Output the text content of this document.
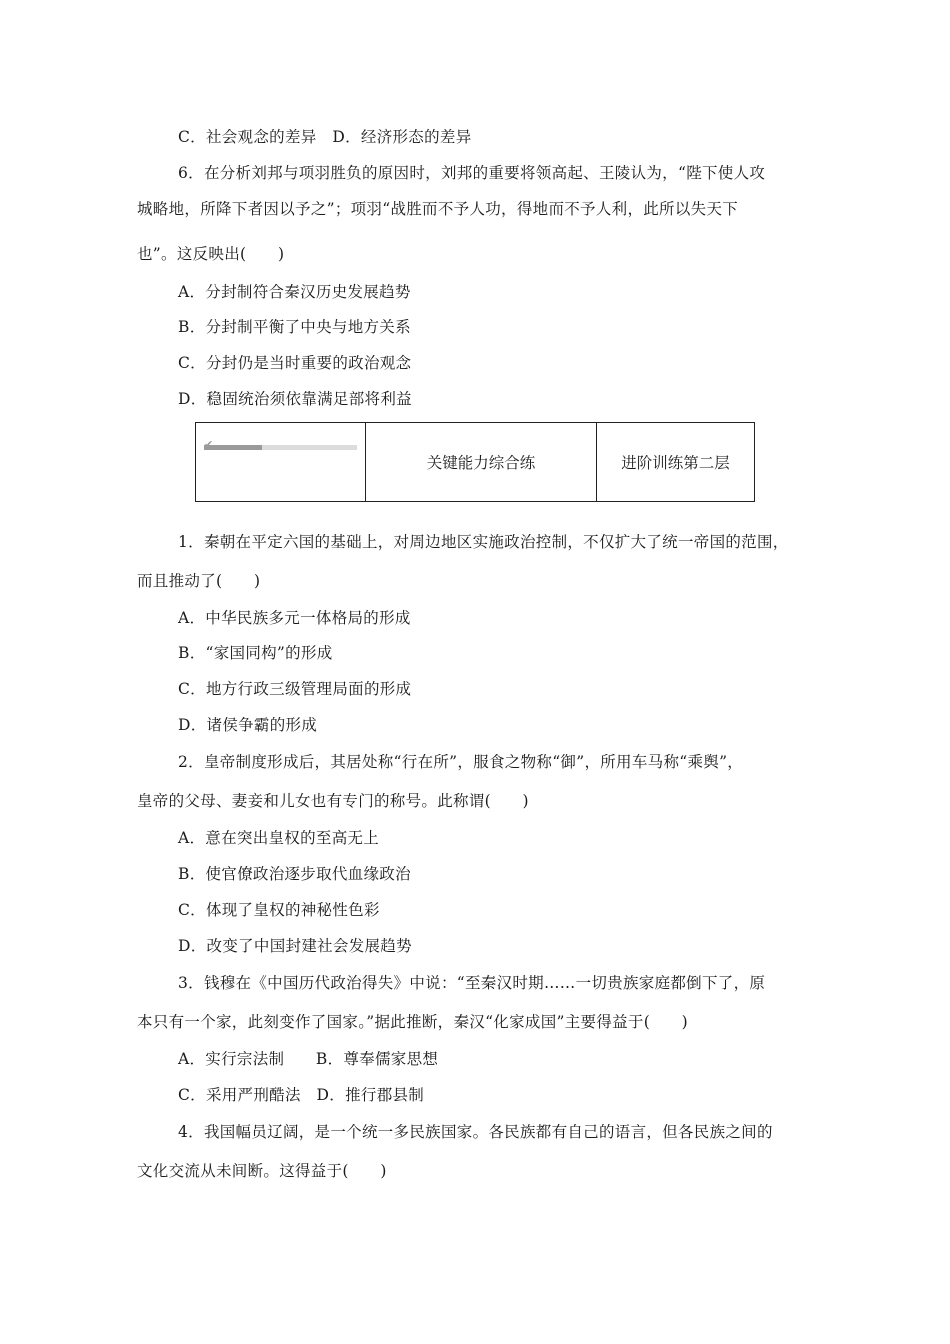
C．社会观念的差异　D．经济形态的差异
6．在分析刘邦与项羽胜负的原因时，刘邦的重要将领高起、王陵认为，“陛下使人攻
城略地，所降下者因以予之”；项羽“战胜而不予人功，得地而不予人利，此所以失天下
也”。这反映出(　　)
A．分封制符合秦汉历史发展趋势
B．分封制平衡了中央与地方关系
C．分封仍是当时重要的政治观念
D．稳固统治须依靠满足部将利益
✔
关键能力综合练	进阶训练第二层
1．秦朝在平定六国的基础上，对周边地区实施政治控制，不仅扩大了统一帝国的范围，
而且推动了(　　)
A．中华民族多元一体格局的形成
B．“家国同构”的形成
C．地方行政三级管理局面的形成
D．诸侯争霸的形成
2．皇帝制度形成后，其居处称“行在所”，服食之物称“御”，所用车马称“乘舆”，
皇帝的父母、妻妾和儿女也有专门的称号。此称谓(　　)
A．意在突出皇权的至高无上
B．使官僚政治逐步取代血缘政治
C．体现了皇权的神秘性色彩
D．改变了中国封建社会发展趋势
3．钱穆在《中国历代政治得失》中说：“至秦汉时期……一切贵族家庭都倒下了，原
本只有一个家，此刻变作了国家。”据此推断，秦汉“化家成国”主要得益于(　　)
A．实行宗法制　　B．尊奉儒家思想
C．采用严刑酷法　D．推行郡县制
4．我国幅员辽阔，是一个统一多民族国家。各民族都有自己的语言，但各民族之间的
文化交流从未间断。这得益于(　　)
